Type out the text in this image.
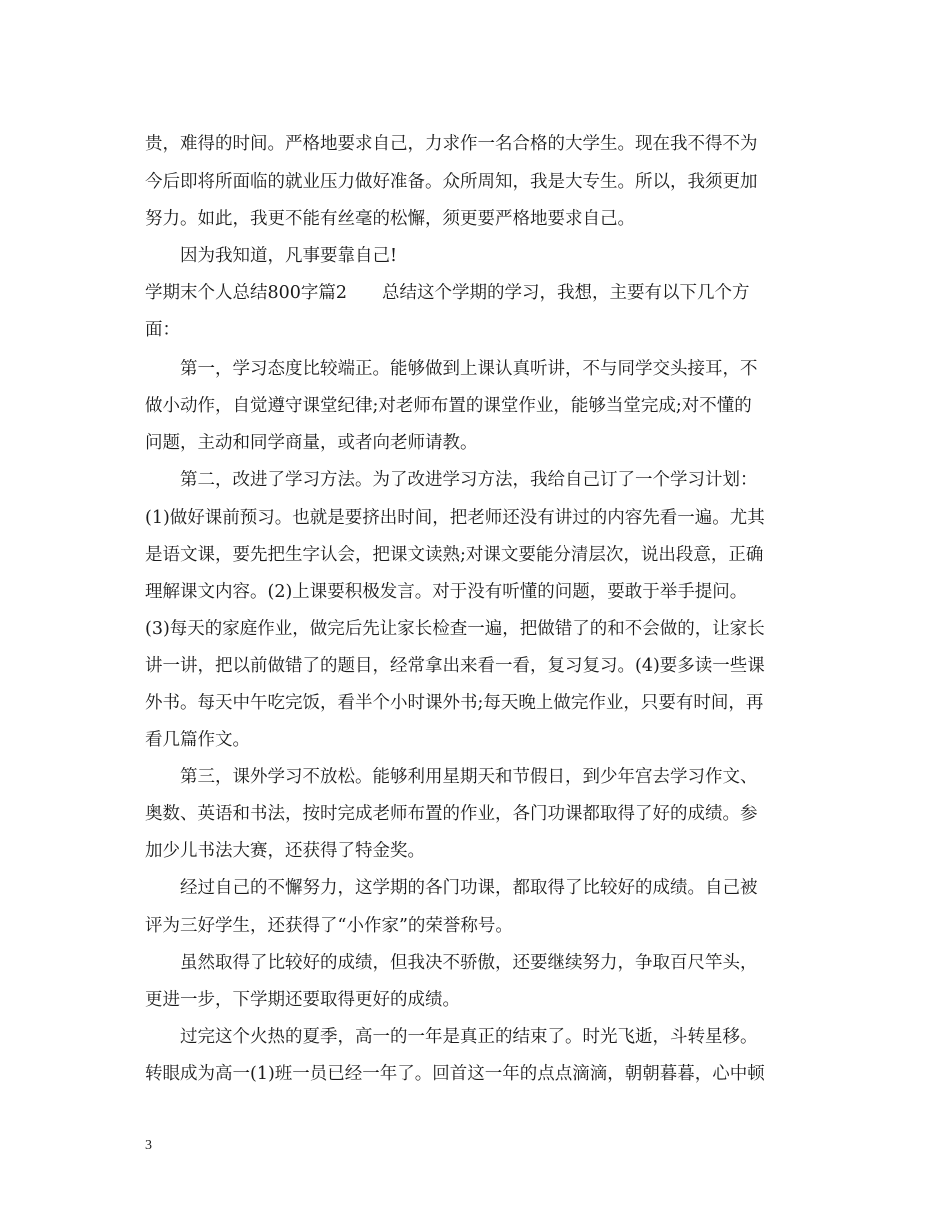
贵，难得的时间。严格地要求自己，力求作一名合格的大学生。现在我不得不为
今后即将所面临的就业压力做好准备。众所周知，我是大专生。所以，我须更加
努力。如此，我更不能有丝毫的松懈，须更要严格地要求自己。
因为我知道，凡事要靠自己!
学期末个人总结800字篇2　　总结这个学期的学习，我想，主要有以下几个方
面：
第一，学习态度比较端正。能够做到上课认真听讲，不与同学交头接耳，不
做小动作，自觉遵守课堂纪律;对老师布置的课堂作业，能够当堂完成;对不懂的
问题，主动和同学商量，或者向老师请教。
第二，改进了学习方法。为了改进学习方法，我给自己订了一个学习计划：
(1)做好课前预习。也就是要挤出时间，把老师还没有讲过的内容先看一遍。尤其
是语文课，要先把生字认会，把课文读熟;对课文要能分清层次，说出段意，正确
理解课文内容。(2)上课要积极发言。对于没有听懂的问题，要敢于举手提问。
(3)每天的家庭作业，做完后先让家长检查一遍，把做错了的和不会做的，让家长
讲一讲，把以前做错了的题目，经常拿出来看一看，复习复习。(4)要多读一些课
外书。每天中午吃完饭，看半个小时课外书;每天晚上做完作业，只要有时间，再
看几篇作文。
第三，课外学习不放松。能够利用星期天和节假日，到少年宫去学习作文、
奥数、英语和书法，按时完成老师布置的作业，各门功课都取得了好的成绩。参
加少儿书法大赛，还获得了特金奖。
经过自己的不懈努力，这学期的各门功课，都取得了比较好的成绩。自己被
评为三好学生，还获得了“小作家”的荣誉称号。
虽然取得了比较好的成绩，但我决不骄傲，还要继续努力，争取百尺竿头，
更进一步，下学期还要取得更好的成绩。
过完这个火热的夏季，高一的一年是真正的结束了。时光飞逝，斗转星移。
转眼成为高一(1)班一员已经一年了。回首这一年的点点滴滴，朝朝暮暮，心中顿
3
